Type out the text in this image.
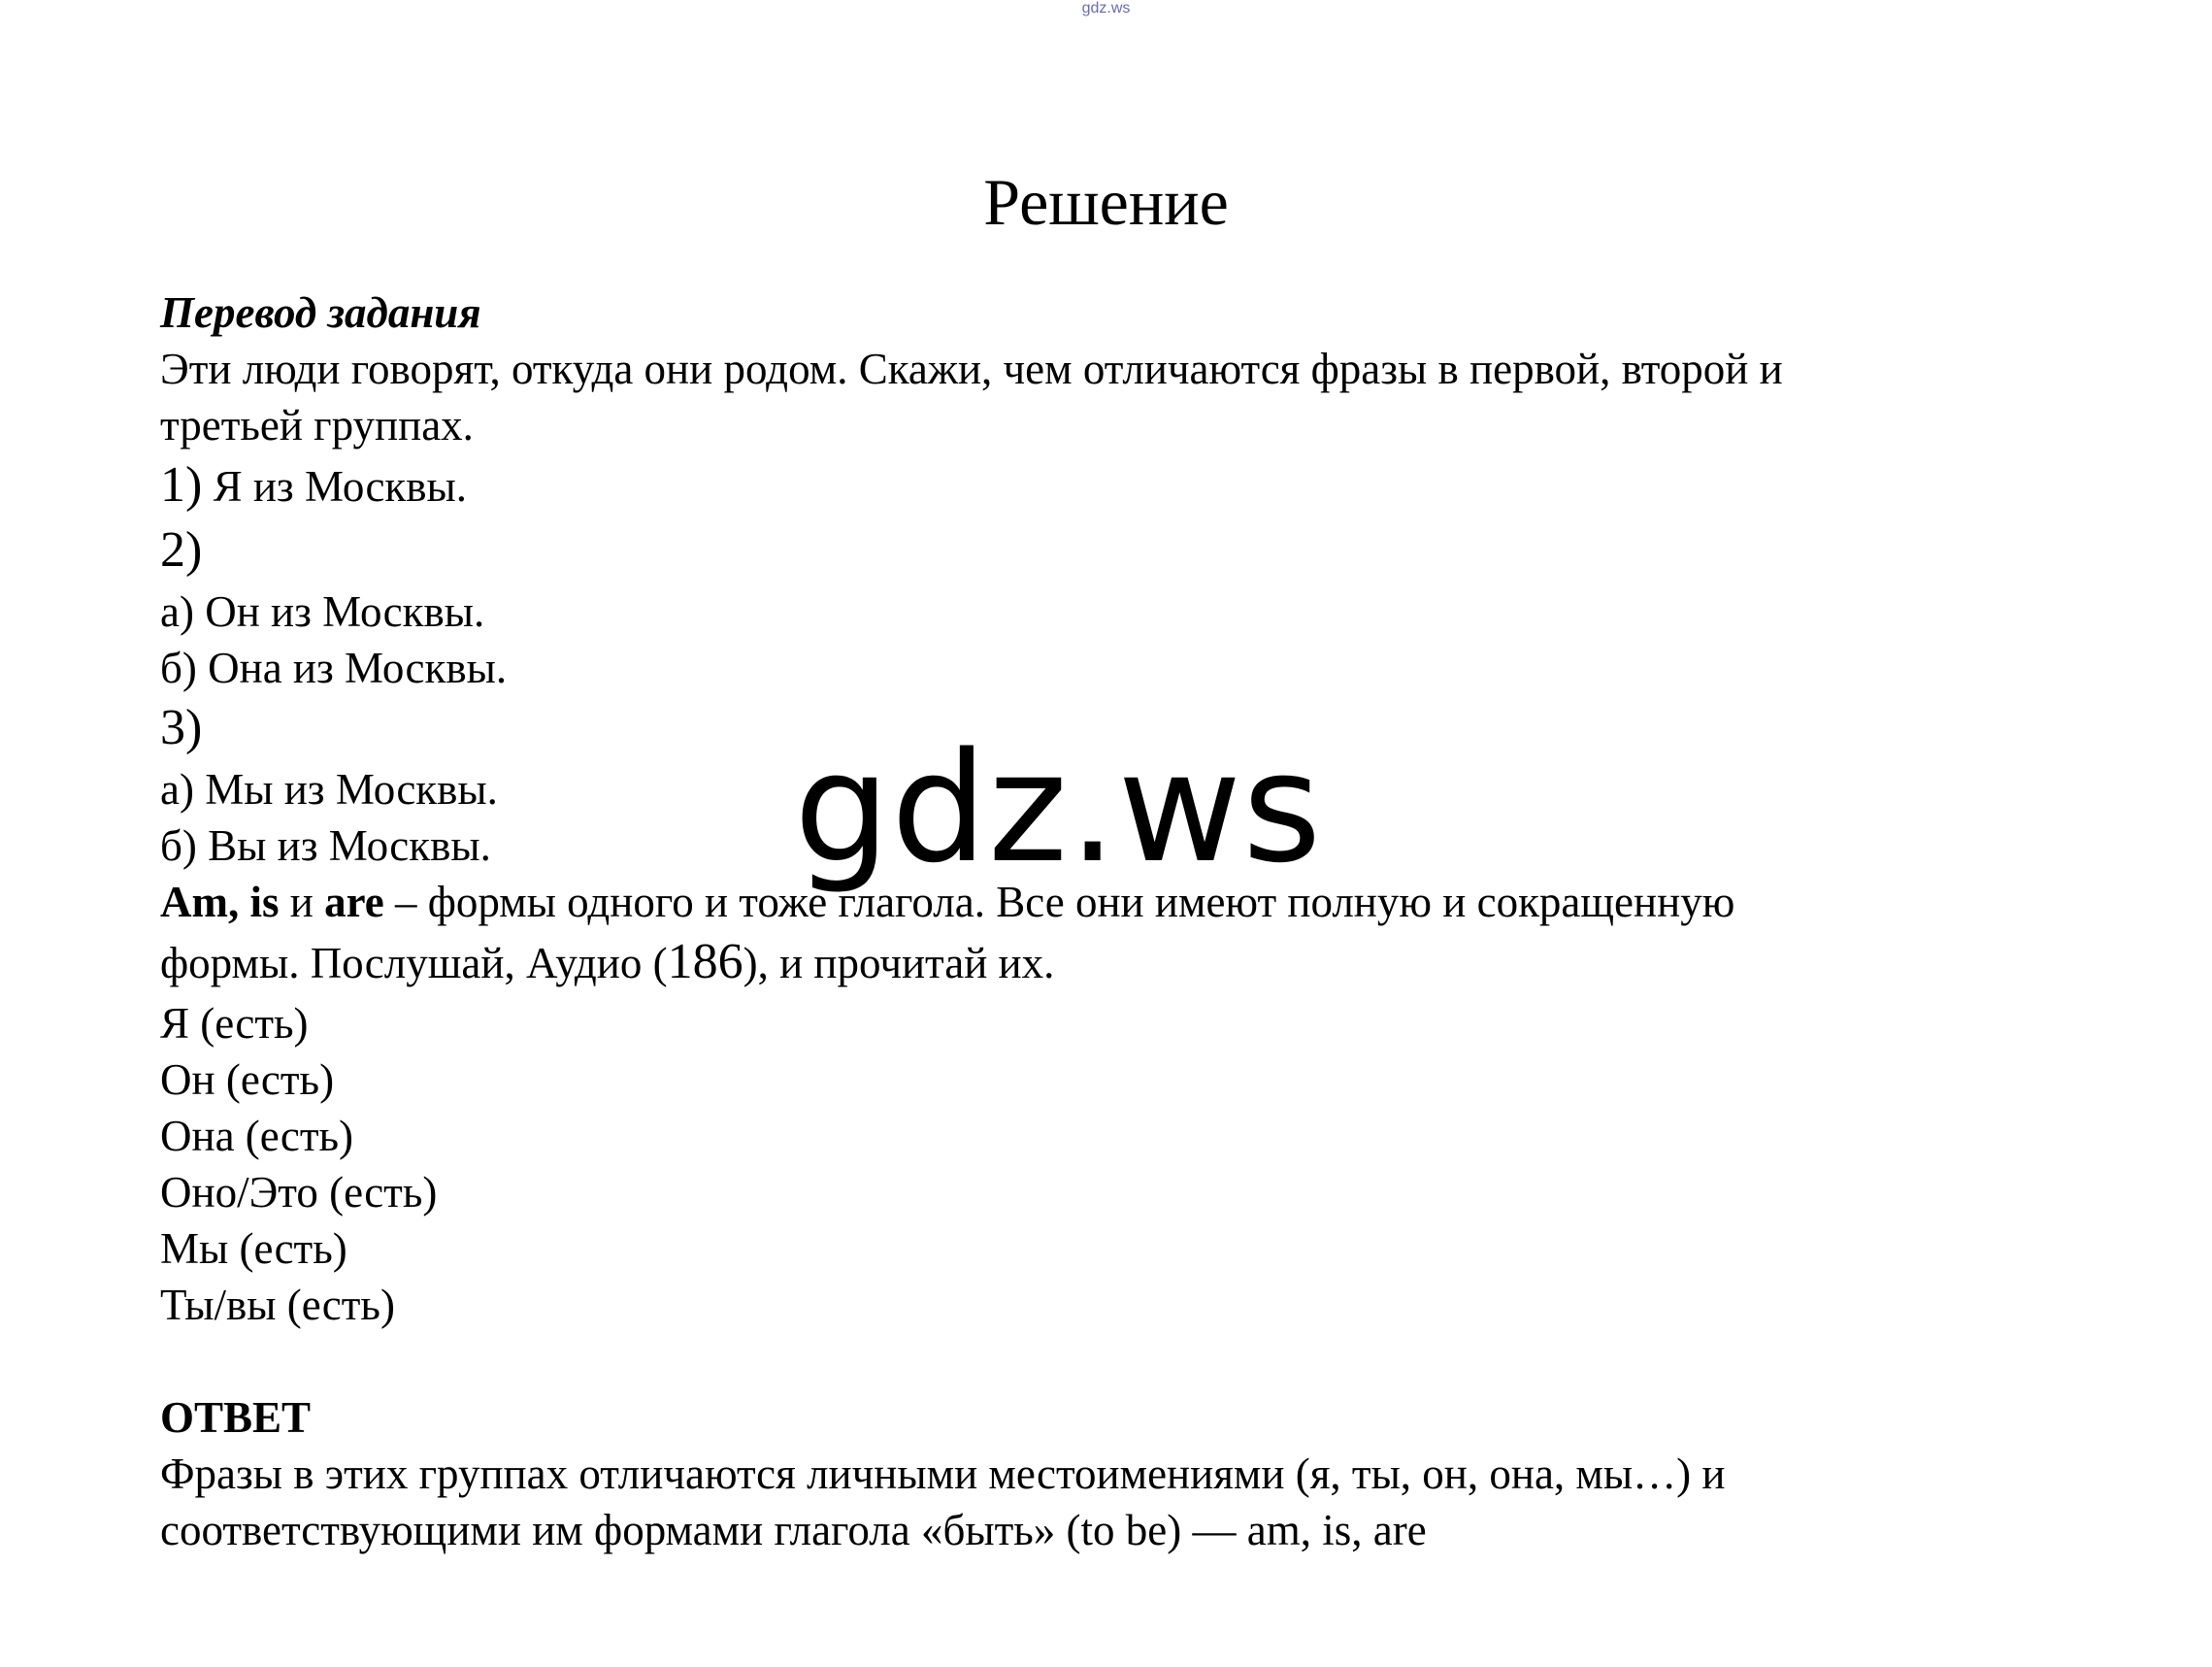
gdz.ws
Решение
Перевод задания
Эти люди говорят, откуда они родом. Скажи, чем отличаются фразы в первой, второй и
третьей группах.
1) Я из Москвы.
2)
а) Он из Москвы.
б) Она из Москвы.
3)
а) Мы из Москвы.
б) Вы из Москвы.
Am, is и are – формы одного и тоже глагола. Все они имеют полную и сокращенную
формы. Послушай, Аудио (186), и прочитай их.
Я (есть)
Он (есть)
Она (есть)
Оно/Это (есть)
Мы (есть)
Ты/вы (есть)
ОТВЕТ
Фразы в этих группах отличаются личными местоимениями (я, ты, он, она, мы…) и
соответствующими им формами глагола «быть» (to be) — am, is, are
gdz.ws
